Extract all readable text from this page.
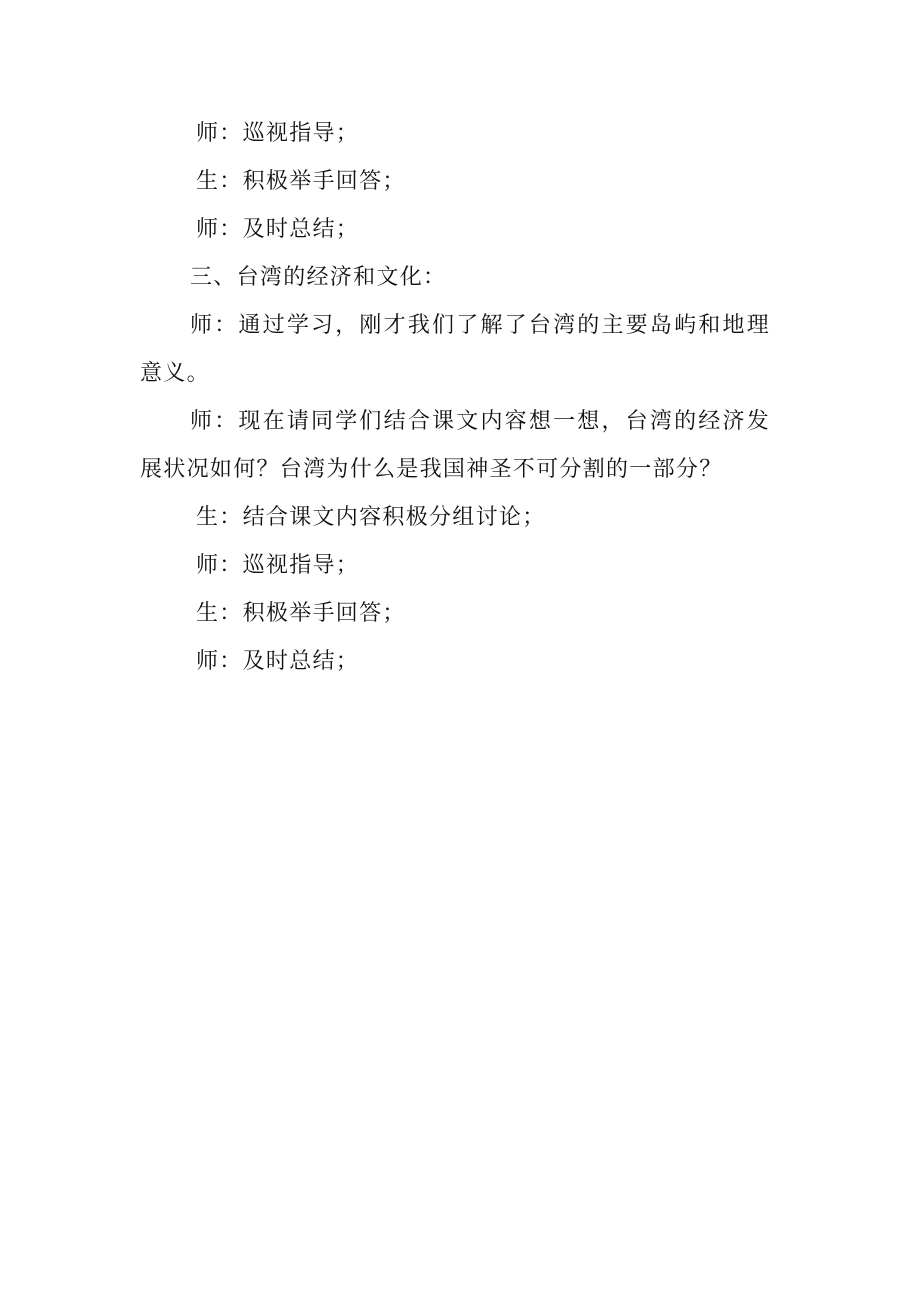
师：巡视指导；

生：积极举手回答；

师：及时总结；

三、台湾的经济和文化：

师：通过学习，刚才我们了解了台湾的主要岛屿和地理意义。

师：现在请同学们结合课文内容想一想，台湾的经济发展状况如何？台湾为什么是我国神圣不可分割的一部分？

生：结合课文内容积极分组讨论；

师：巡视指导；

生：积极举手回答；

师：及时总结；
